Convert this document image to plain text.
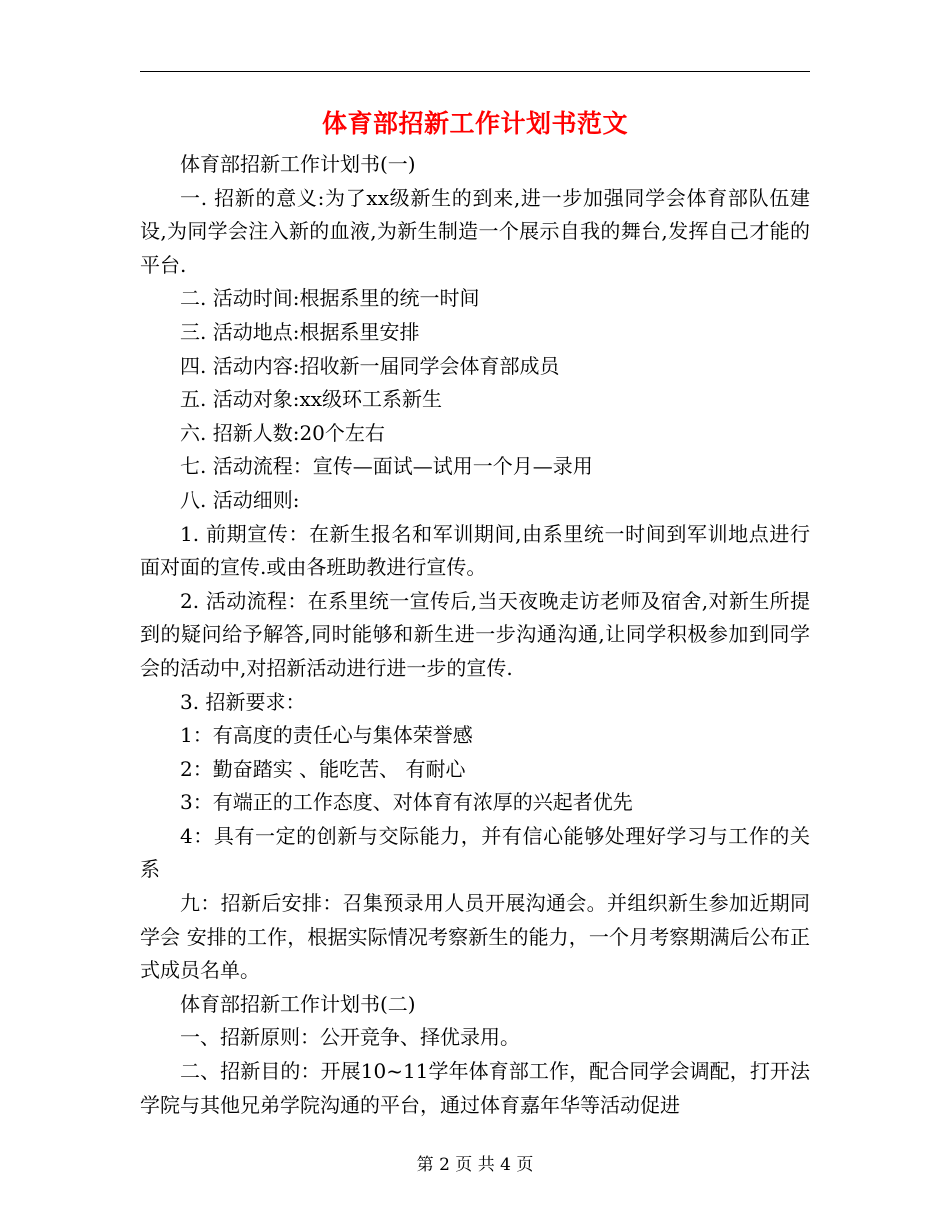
体育部招新工作计划书范文

体育部招新工作计划书(一)

一. 招新的意义:为了xx级新生的到来,进一步加强同学会体育部队伍建设,为同学会注入新的血液,为新生制造一个展示自我的舞台,发挥自己才能的平台.

二. 活动时间:根据系里的统一时间

三. 活动地点:根据系里安排

四. 活动内容:招收新一届同学会体育部成员

五. 活动对象:xx级环工系新生

六. 招新人数:20个左右

七. 活动流程：宣传—面试—试用一个月—录用

八. 活动细则:

1. 前期宣传：在新生报名和军训期间,由系里统一时间到军训地点进行面对面的宣传.或由各班助教进行宣传。

2. 活动流程：在系里统一宣传后,当天夜晚走访老师及宿舍,对新生所提到的疑问给予解答,同时能够和新生进一步沟通沟通,让同学积极参加到同学会的活动中,对招新活动进行进一步的宣传.

3. 招新要求：

1：有高度的责任心与集体荣誉感

2：勤奋踏实 、能吃苦、 有耐心

3：有端正的工作态度、对体育有浓厚的兴起者优先

4：具有一定的创新与交际能力，并有信心能够处理好学习与工作的关系

九：招新后安排：召集预录用人员开展沟通会。并组织新生参加近期同学会 安排的工作，根据实际情况考察新生的能力，一个月考察期满后公布正式成员名单。

体育部招新工作计划书(二)

一、招新原则：公开竞争、择优录用。

二、招新目的：开展10~11学年体育部工作，配合同学会调配，打开法学院与其他兄弟学院沟通的平台，通过体育嘉年华等活动促进

第 2 页 共 4 页
